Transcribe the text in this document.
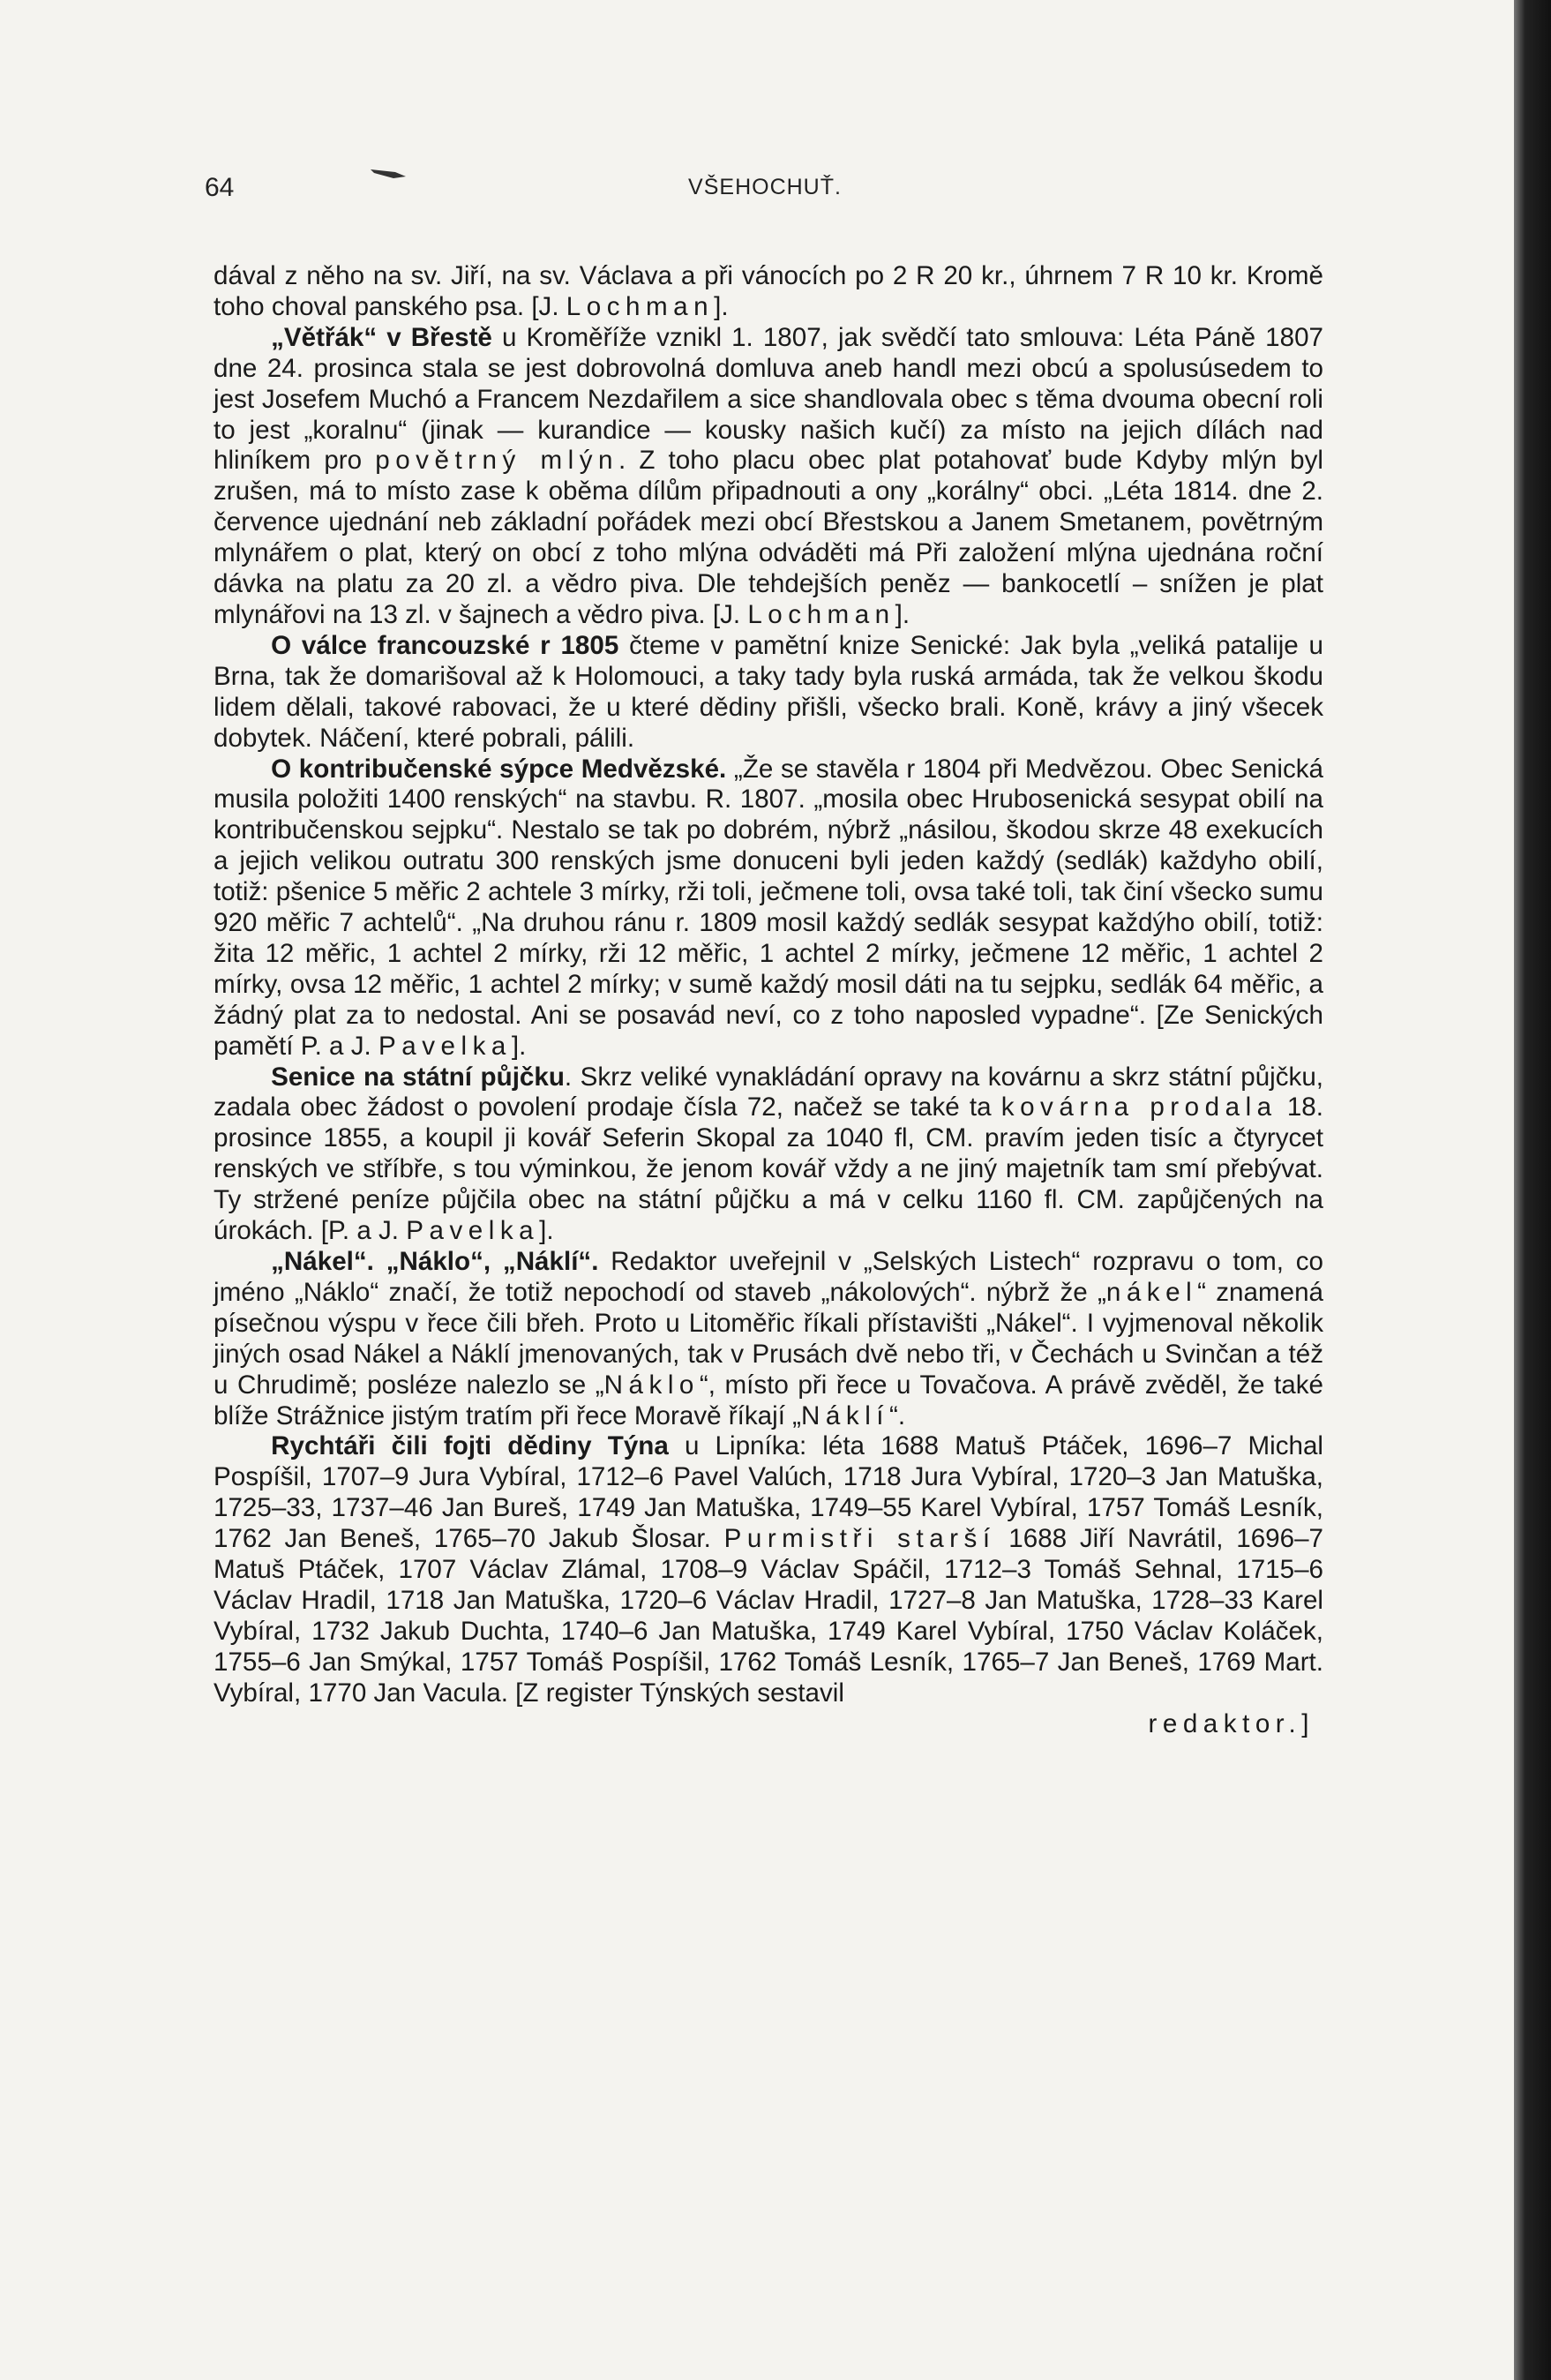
64	VŠEHOCHUŤ.

dával z něho na sv. Jiří, na sv. Václava a při vánocích po 2 R 20 kr., úhrnem 7 R 10 kr. Kromě toho choval panského psa. [J. Lochman].

„Větřák“ v Břestě u Kroměříže vznikl 1. 1807, jak svědčí tato smlouva: Léta Páně 1807 dne 24. prosinca stala se jest dobrovolná domluva aneb handl mezi obcú a spolusúsedem to jest Josefem Muchó a Francem Nezdařilem a sice shandlovala obec s těma dvouma obecní roli to jest „koralnu“ (jinak — kurandice — kousky našich kučí) za místo na jejich dílách nad hliníkem pro povětrný mlýn. Z toho placu obec plat potahovať bude Kdyby mlýn byl zrušen, má to místo zase k oběma dílům připadnouti a ony „korálny“ obci. „Léta 1814. dne 2. července ujednání neb základní pořádek mezi obcí Břestskou a Janem Smetanem, povětrným mlynářem o plat, který on obcí z toho mlýna odváděti má Při založení mlýna ujednána roční dávka na platu za 20 zl. a vědro piva. Dle tehdejších peněz — bankocetlí – snížen je plat mlynářovi na 13 zl. v šajnech a vědro piva. [J. Lochman].

O válce francouzské r 1805 čteme v pamětní knize Senické: Jak byla „veliká patalije u Brna, tak že domarišoval až k Holomouci, a taky tady byla ruská armáda, tak že velkou škodu lidem dělali, takové rabovaci, že u které dědiny přišli, všecko brali. Koně, krávy a jiný všecek dobytek. Náčení, které pobrali, pálili.

O kontribučenské sýpce Medvězské. „Že se stavěla r 1804 při Medvězou. Obec Senická musila položiti 1400 renských“ na stavbu. R. 1807. „mosila obec Hrubosenická sesypat obilí na kontribučenskou sejpku“. Nestalo se tak po dobrém, nýbrž „násilou, škodou skrze 48 exekucích a jejich velikou outratu 300 renských jsme donuceni byli jeden každý (sedlák) každyho obilí, totiž: pšenice 5 měřic 2 achtele 3 mírky, rži toli, ječmene toli, ovsa také toli, tak činí všecko sumu 920 měřic 7 achtelů“. „Na druhou ránu r. 1809 mosil každý sedlák sesypat každýho obilí, totiž: žita 12 měřic, 1 achtel 2 mírky, rži 12 měřic, 1 achtel 2 mírky, ječmene 12 měřic, 1 achtel 2 mírky, ovsa 12 měřic, 1 achtel 2 mírky; v sumě každý mosil dáti na tu sejpku, sedlák 64 měřic, a žádný plat za to nedostal. Ani se posavád neví, co z toho naposled vypadne“. [Ze Senických pamětí P. a J. Pavelka].

Senice na státní půjčku. Skrz veliké vynakládání opravy na kovárnu a skrz státní půjčku, zadala obec žádost o povolení prodaje čísla 72, načež se také ta kovárna prodala 18. prosince 1855, a koupil ji kovář Seferin Skopal za 1040 fl, CM. pravím jeden tisíc a čtyrycet renských ve stříbře, s tou výminkou, že jenom kovář vždy a ne jiný majetník tam smí přebývat. Ty stržené peníze půjčila obec na státní půjčku a má v celku 1160 fl. CM. zapůjčených na úrokách. [P. a J. Pavelka].

„Nákel“. „Náklo“, „Náklí“. Redaktor uveřejnil v „Selských Listech“ rozpravu o tom, co jméno „Náklo“ značí, že totiž nepochodí od staveb „nákolových“. nýbrž že „nákel“ znamená písečnou výspu v řece čili břeh. Proto u Litoměřic říkali přístavišti „Nákel“. I vyjmenoval několik jiných osad Nákel a Náklí jmenovaných, tak v Prusách dvě nebo tři, v Čechách u Svinčan a též u Chrudimě; posléze nalezlo se „Náklo“, místo při řece u Tovačova. A právě zvěděl, že také blíže Strážnice jistým tratím při řece Moravě říkají „Náklí“.

Rychtáři čili fojti dědiny Týna u Lipníka: léta 1688 Matuš Ptáček, 1696–7 Michal Pospíšil, 1707–9 Jura Vybíral, 1712–6 Pavel Valúch, 1718 Jura Vybíral, 1720–3 Jan Matuška, 1725–33, 1737–46 Jan Bureš, 1749 Jan Matuška, 1749–55 Karel Vybíral, 1757 Tomáš Lesník, 1762 Jan Beneš, 1765–70 Jakub Šlosar. Purmistři starší 1688 Jiří Navrátil, 1696–7 Matuš Ptáček, 1707 Václav Zlámal, 1708–9 Václav Spáčil, 1712–3 Tomáš Sehnal, 1715–6 Václav Hradil, 1718 Jan Matuška, 1720–6 Václav Hradil, 1727–8 Jan Matuška, 1728–33 Karel Vybíral, 1732 Jakub Duchta, 1740–6 Jan Matuška, 1749 Karel Vybíral, 1750 Václav Koláček, 1755–6 Jan Smýkal, 1757 Tomáš Pospíšil, 1762 Tomáš Lesník, 1765–7 Jan Beneš, 1769 Mart. Vybíral, 1770 Jan Vacula. [Z register Týnských sestavil

redaktor.]
